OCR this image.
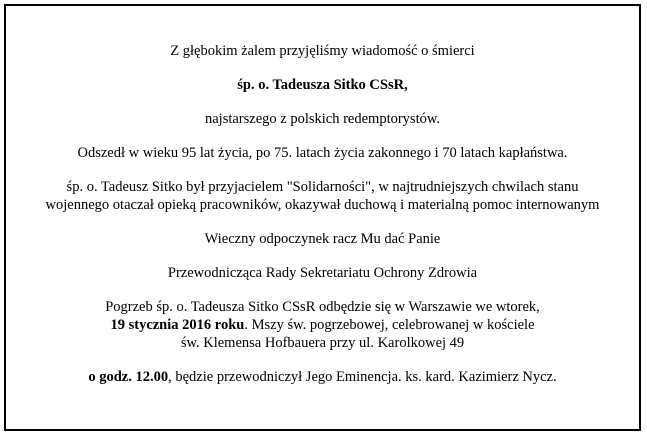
Z głębokim żalem przyjęliśmy wiadomość o śmierci

śp. o. Tadeusza Sitko CSsR,

najstarszego z polskich redemptorystów.

Odszedł w wieku 95 lat życia, po 75. latach życia zakonnego i 70 latach kapłaństwa.

śp. o. Tadeusz Sitko był przyjacielem "Solidarności", w najtrudniejszych chwilach stanu
wojennego otaczał opieką pracowników, okazywał duchową i materialną pomoc internowanym

Wieczny odpoczynek racz Mu dać Panie

Przewodnicząca Rady Sekretariatu Ochrony Zdrowia

Pogrzeb śp. o. Tadeusza Sitko CSsR odbędzie się w Warszawie we wtorek,
19 stycznia 2016 roku. Mszy św. pogrzebowej, celebrowanej w kościele
św. Klemensa Hofbauera przy ul. Karolkowej 49

o godz. 12.00, będzie przewodniczył Jego Eminencja. ks. kard. Kazimierz Nycz.
